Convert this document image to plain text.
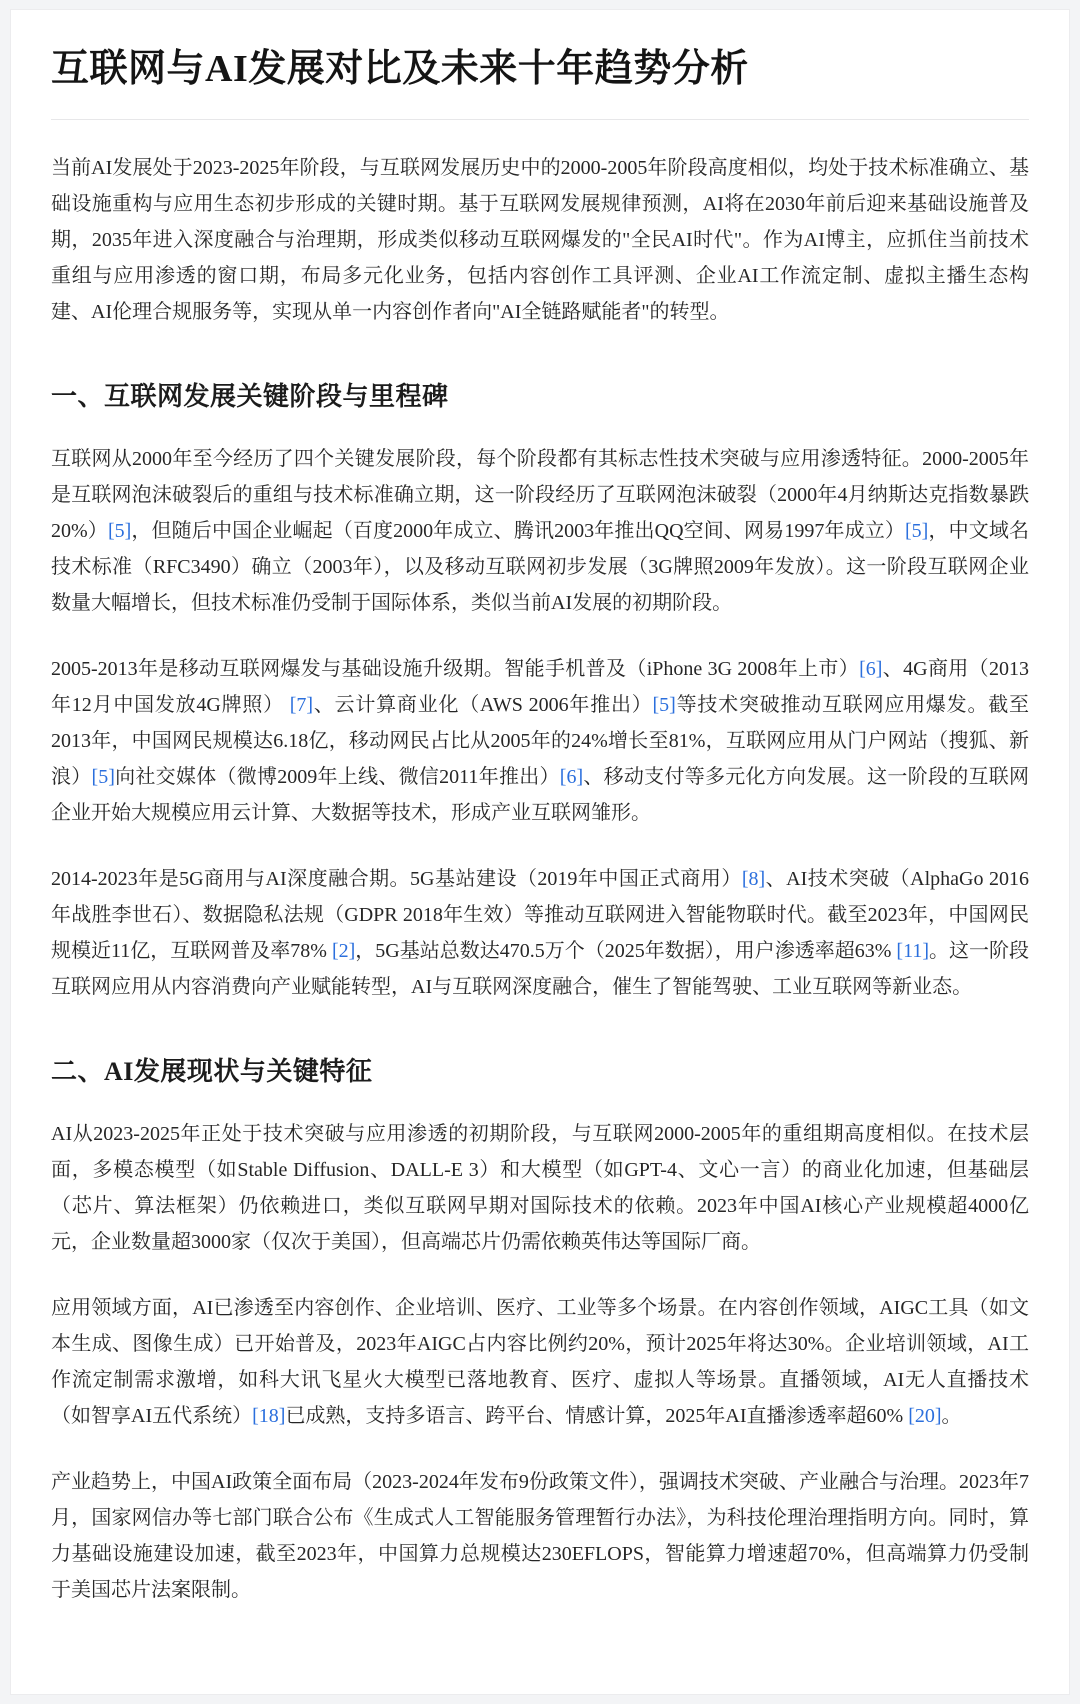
互联网与AI发展对比及未来十年趋势分析

当前AI发展处于2023-2025年阶段，与互联网发展历史中的2000-2005年阶段高度相似，均处于技术标准确立、基础设施重构与应用生态初步形成的关键时期。基于互联网发展规律预测，AI将在2030年前后迎来基础设施普及期，2035年进入深度融合与治理期，形成类似移动互联网爆发的"全民AI时代"。作为AI博主，应抓住当前技术重组与应用渗透的窗口期，布局多元化业务，包括内容创作工具评测、企业AI工作流定制、虚拟主播生态构建、AI伦理合规服务等，实现从单一内容创作者向"AI全链路赋能者"的转型。

一、互联网发展关键阶段与里程碑

互联网从2000年至今经历了四个关键发展阶段，每个阶段都有其标志性技术突破与应用渗透特征。2000-2005年是互联网泡沫破裂后的重组与技术标准确立期，这一阶段经历了互联网泡沫破裂（2000年4月纳斯达克指数暴跌20%）[5]，但随后中国企业崛起（百度2000年成立、腾讯2003年推出QQ空间、网易1997年成立）[5]，中文域名技术标准（RFC3490）确立（2003年），以及移动互联网初步发展（3G牌照2009年发放）。这一阶段互联网企业数量大幅增长，但技术标准仍受制于国际体系，类似当前AI发展的初期阶段。

2005-2013年是移动互联网爆发与基础设施升级期。智能手机普及（iPhone 3G 2008年上市）[6]、4G商用（2013年12月中国发放4G牌照） [7]、云计算商业化（AWS 2006年推出）[5]等技术突破推动互联网应用爆发。截至2013年，中国网民规模达6.18亿，移动网民占比从2005年的24%增长至81%，互联网应用从门户网站（搜狐、新浪）[5]向社交媒体（微博2009年上线、微信2011年推出）[6]、移动支付等多元化方向发展。这一阶段的互联网企业开始大规模应用云计算、大数据等技术，形成产业互联网雏形。

2014-2023年是5G商用与AI深度融合期。5G基站建设（2019年中国正式商用）[8]、AI技术突破（AlphaGo 2016年战胜李世石）、数据隐私法规（GDPR 2018年生效）等推动互联网进入智能物联时代。截至2023年，中国网民规模近11亿，互联网普及率78% [2]，5G基站总数达470.5万个（2025年数据），用户渗透率超63% [11]。这一阶段互联网应用从内容消费向产业赋能转型，AI与互联网深度融合，催生了智能驾驶、工业互联网等新业态。

二、AI发展现状与关键特征

AI从2023-2025年正处于技术突破与应用渗透的初期阶段，与互联网2000-2005年的重组期高度相似。在技术层面，多模态模型（如Stable Diffusion、DALL-E 3）和大模型（如GPT-4、文心一言）的商业化加速，但基础层（芯片、算法框架）仍依赖进口，类似互联网早期对国际技术的依赖。2023年中国AI核心产业规模超4000亿元，企业数量超3000家（仅次于美国），但高端芯片仍需依赖英伟达等国际厂商。

应用领域方面，AI已渗透至内容创作、企业培训、医疗、工业等多个场景。在内容创作领域，AIGC工具（如文本生成、图像生成）已开始普及，2023年AIGC占内容比例约20%，预计2025年将达30%。企业培训领域，AI工作流定制需求激增，如科大讯飞星火大模型已落地教育、医疗、虚拟人等场景。直播领域，AI无人直播技术（如智享AI五代系统）[18]已成熟，支持多语言、跨平台、情感计算，2025年AI直播渗透率超60% [20]。

产业趋势上，中国AI政策全面布局（2023-2024年发布9份政策文件），强调技术突破、产业融合与治理。2023年7月，国家网信办等七部门联合公布《生成式人工智能服务管理暂行办法》，为科技伦理治理指明方向。同时，算力基础设施建设加速，截至2023年，中国算力总规模达230EFLOPS，智能算力增速超70%，但高端算力仍受制于美国芯片法案限制。
